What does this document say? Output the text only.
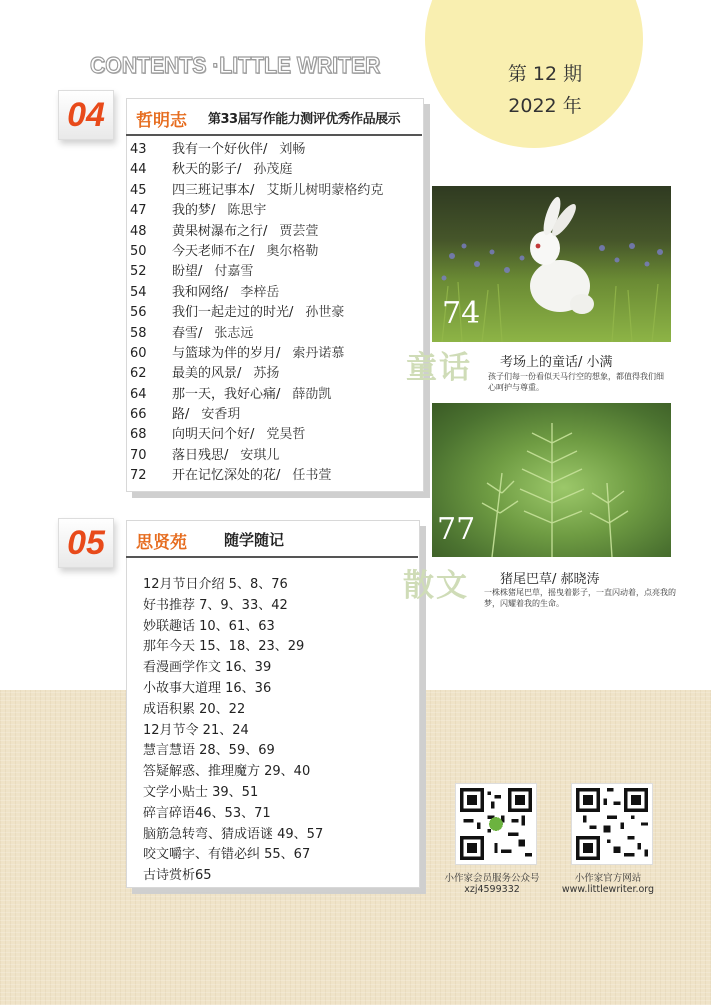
CONTENTS ·LITTLE WRITER	第 12 期
2022 年
04	哲明志 第33届写作能力测评优秀作品展示
43 我有一个好伙伴/ 刘畅
44 秋天的影子/ 孙茂庭
45 四三班记事本/ 艾斯儿树明蒙格约克
47 我的梦/ 陈思宇
48 黄果树瀑布之行/ 贾芸萱
50 今天老师不在/ 奥尔格勒
52 盼望/ 付嘉雪
54 我和网络/ 李梓岳
56 我们一起走过的时光/ 孙世豪
58 春雪/ 张志远
60 与篮球为伴的岁月/ 索丹诺慕
62 最美的风景/ 苏扬
64 那一天，我好心痛/ 薛劭凯
66 路/ 安香玥
68 向明天问个好/ 党昊哲
70 落日残思/ 安琪儿
72 开在记忆深处的花/ 任书萱
05	思贤苑 随学随记
12月节日介绍 5、8、76
好书推荐 7、9、33、42
妙联趣话 10、61、63
那年今天 15、18、23、29
看漫画学作文 16、39
小故事大道理 16、36
成语积累 20、22
12月节令 21、24
慧言慧语 28、59、69
答疑解惑、推理魔方 29、40
文学小贴士 39、51
碎言碎语46、53、71
脑筋急转弯、猜成语谜 49、57
咬文嚼字、有错必纠 55、67
古诗赏析65
74
童话 考场上的童话/ 小满
孩子们每一份看似天马行空的想象，都值得我们细心呵护与尊重。
77
散文 猪尾巴草/ 郝晓涛
一株株猪尾巴草，摇曳着影子，一直闪动着，点亮我的梦，闪耀着我的生命。
小作家会员服务公众号
xzj4599332
小作家官方网站
www.littlewriter.org
